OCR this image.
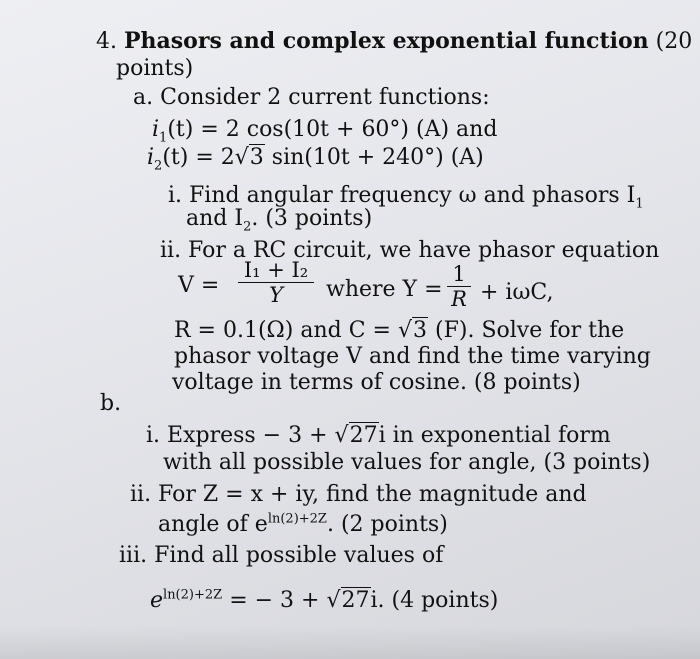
4. Phasors and complex exponential function (20
points)
a. Consider 2 current functions:
$i_1(t) = 2$ cos(10t + 60°) (A) and
$i_2(t) = 2√3$ sin(10t + 240°) (A)
i. Find angular frequency ω and phasors $I_1$
and $I_2$. (3 points)
ii. For a RC circuit, we have phasor equation
V =
I₁ + I₂
Y	where Y =
1
R + iωC,
R = 0.1(Ω) and C = √3 (F). Solve for the
phasor voltage V and find the time varying
voltage in terms of cosine. (8 points)
b.
i. Express − 3 + √27i in exponential form
with all possible values for angle, (3 points)
ii. For Z = x + iy, find the magnitude and
angle of $e^{ln(2)+2Z}$. (2 points)
iii. Find all possible values of
$e^{ln(2)+2Z}$ = − 3 + √27i. (4 points)
